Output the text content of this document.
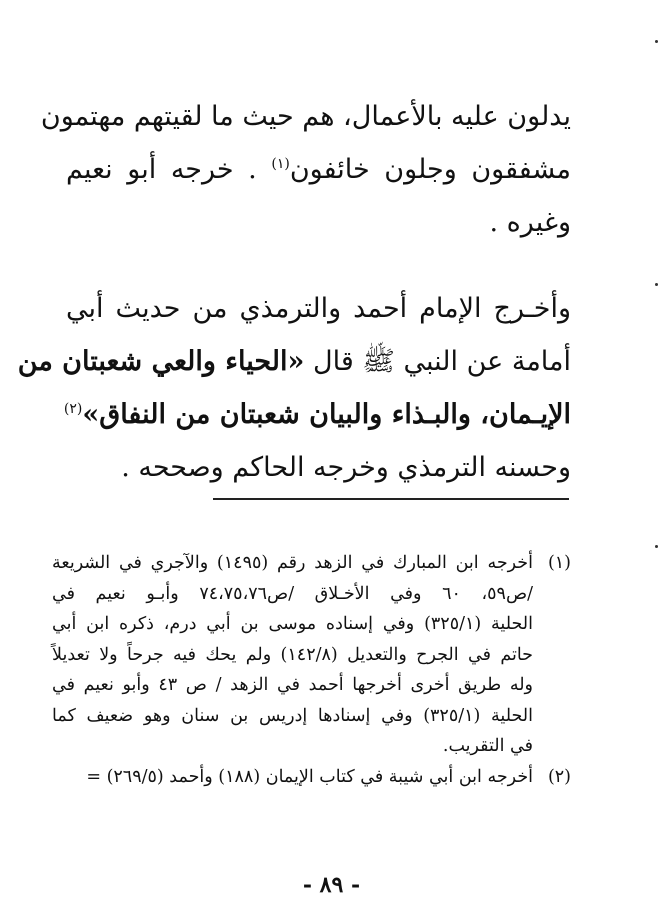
يدلون عليه بالأعمال، هم حيث ما لقيتهم مهتمون
مشفقون وجلون خائفون$^{(١)}$ . خرجه أبو نعيم
وغيره .

وأخـرج الإمام أحمد والترمذي من حديث أبي
أمامة عن النبي ﷺ قال «الحياء والعي شعبتان من
الإيـمان، والبـذاء والبيان شعبتان من النفاق»$^{(٢)}$
وحسنه الترمذي وخرجه الحاكم وصححه .

(١)
أخرجه ابن المبارك في الزهد رقم (١٤٩٥) والآجري في الشريعة
/ص٥٩، ٦٠ وفي الأخـلاق /ص٧٤،٧٥،٧٦ وأبـو نعيم في
الحلية (٣٢٥/١) وفي إسناده موسى بن أبي درم، ذكره ابن أبي
حاتم في الجرح والتعديل (١٤٢/٨) ولم يحك فيه جرحاً ولا تعديلاً
وله طريق أخرى أخرجها أحمد في الزهد / ص ٤٣ وأبو نعيم في
الحلية (٣٢٥/١) وفي إسنادها إدريس بن سنان وهو ضعيف كما
في التقريب.
(٢)
أخرجه ابن أبي شيبة في كتاب الإيمان (١٨٨) وأحمد (٢٦٩/٥) =
- ٨٩ -
